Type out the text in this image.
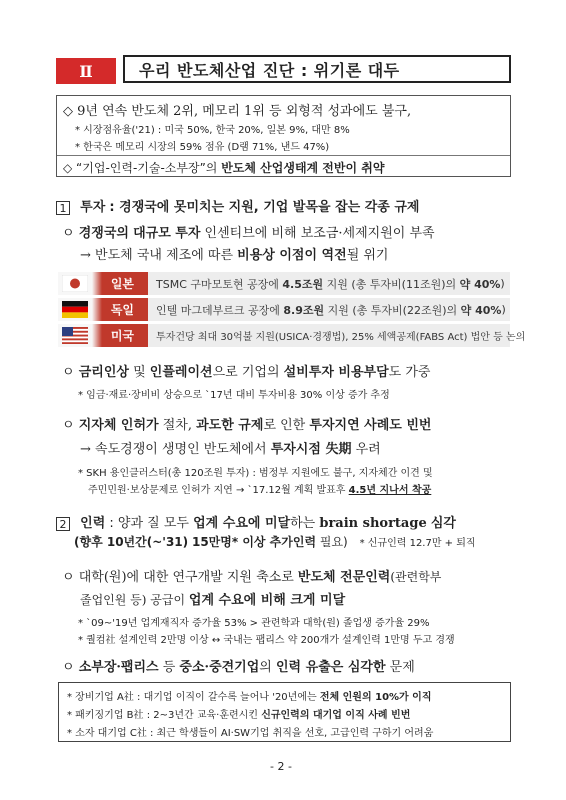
Ⅱ	우리 반도체산업 진단 : 위기론 대두
◇ 9년 연속 반도체 2위, 메모리 1위 등 외형적 성과에도 불구,
* 시장점유율('21) : 미국 50%, 한국 20%, 일본 9%, 대만 8%
* 한국은 메모리 시장의 59% 점유 (D램 71%, 낸드 47%)
◇ “기업-인력-기술-소부장”의 반도체 산업생태계 전반이 취약
1 투자 : 경쟁국에 못미치는 지원, 기업 발목을 잡는 각종 규제
ㅇ 경쟁국의 대규모 투자 인센티브에 비해 보조금·세제지원이 부족
→ 반도체 국내 제조에 따른 비용상 이점이 역전될 위기
일본 TSMC 구마모토현 공장에
4.5조원
지원 (총 투자비(11조원)의
약 40% )
독일 인텔 마그데부르크 공장에
8.9조원
지원 (총 투자비(22조원)의
약 40% )
미국 투자건당 최대 30억불 지원(USICA·경쟁법), 25% 세액공제(FABS Act) 법안 등 논의
ㅇ 금리인상 및 인플레이션으로 기업의 설비투자 비용부담도 가중
* 임금·재료·장비비 상승으로 `17년 대비 투자비용 30% 이상 증가 추정
ㅇ 지자체 인허가 절차, 과도한 규제로 인한 투자지연 사례도 빈번
→ 속도경쟁이 생명인 반도체에서 투자시점 失期 우려
* SKH 용인클러스터(총 120조원 투자) : 범정부 지원에도 불구, 지자체간 이견 및
주민민원·보상문제로 인허가 지연 → `17.12월 계획 발표후 4.5년 지나서 착공
2 인력 : 양과 질 모두 업계 수요에 미달하는 brain shortage 심각
(향후 10년간(~'31) 15만명* 이상 추가인력 필요) * 신규인력 12.7만 + 퇴직
ㅇ 대학(원)에 대한 연구개발 지원 축소로 반도체 전문인력(관련학부
졸업인원 등) 공급이 업계 수요에 비해 크게 미달
* `09~'19년 업계재직자 증가율 53% > 관련학과 대학(원) 졸업생 증가율 29%
* 퀄컴社 설계인력 2만명 이상 ↔ 국내는 팹리스 약 200개가 설계인력 1만명 두고 경쟁
ㅇ 소부장·팹리스 등 중소·중견기업의 인력 유출은 심각한 문제
* 장비기업 A社 : 대기업 이직이 갈수록 늘어나 '20년에는 전체 인원의 10%가 이직
* 패키징기업 B社 : 2~3년간 교육·훈련시킨 신규인력의 대기업 이직 사례 빈번
* 소자 대기업 C社 : 최근 학생들이 AI·SW기업 취직을 선호, 고급인력 구하기 어려움
- 2 -
